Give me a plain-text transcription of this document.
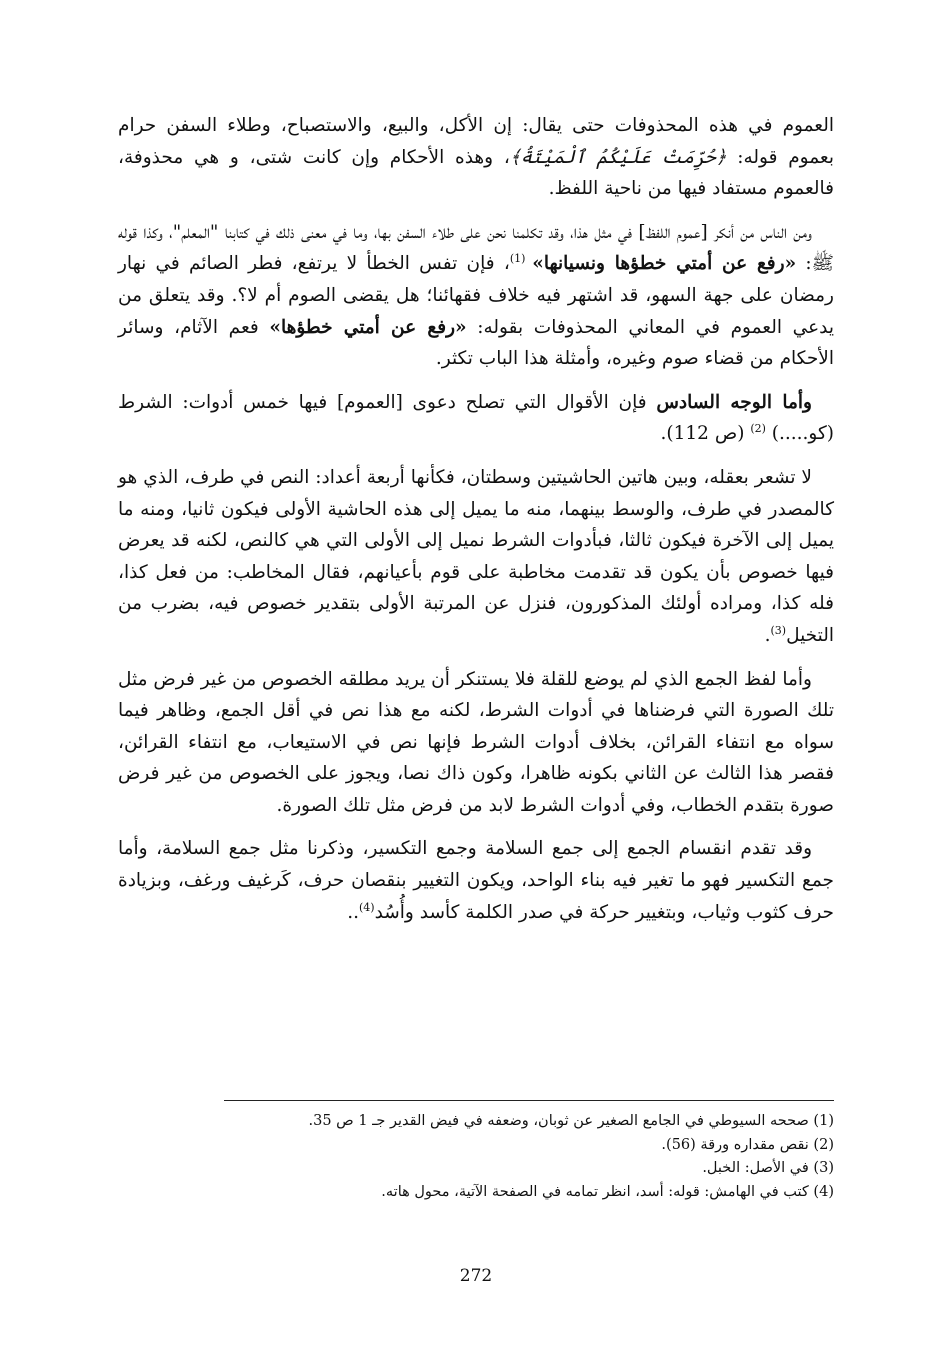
العموم في هذه المحذوفات حتى يقال: إن الأكل، والبيع، والاستصباح، وطلاء السفن حرام بعموم قوله: ﴿حُرِّمَتْ عَلَيْكُمُ ٱلْمَيْتَةُ﴾، وهذه الأحكام وإن كانت شتى، و هي محذوفة، فالعموم مستفاد فيها من ناحية اللفظ.

ومن الناس من أنكر [عموم اللفظ] في مثل هذا، وقد تكلمنا نحن على طلاء السفن بها، وما في معنى ذلك في كتابنا "المعلم"، وكذا قوله ﷺ: «رفع عن أمتي خطؤها ونسيانها» $^{(1)}$، فإن تفس الخطأ لا يرتفع، فطر الصائم في نهار رمضان على جهة السهو، قد اشتهر فيه خلاف فقهائنا؛ هل يقضى الصوم أم لا؟. وقد يتعلق من يدعي العموم في المعاني المحذوفات بقوله: «رفع عن أمتي خطؤها» فعم الآثام، وسائر الأحكام من قضاء صوم وغيره، وأمثلة هذا الباب تكثر.

وأما الوجه السادس فإن الأقوال التي تصلح دعوى [العموم] فيها خمس أدوات: الشرط (كو.....) $^{(2)}$ (ص 112).

لا تشعر بعقله، وبين هاتين الحاشيتين وسطتان، فكأنها أربعة أعداد: النص في طرف، الذي هو كالمصدر في طرف، والوسط بينهما، منه ما يميل إلى هذه الحاشية الأولى فيكون ثانيا، ومنه ما يميل إلى الآخرة فيكون ثالثا، فبأدوات الشرط نميل إلى الأولى التي هي كالنص، لكنه قد يعرض فيها خصوص بأن يكون قد تقدمت مخاطبة على قوم بأعيانهم، فقال المخاطب: من فعل كذا، فله كذا، ومراده أولئك المذكورون، فنزل عن المرتبة الأولى بتقدير خصوص فيه، بضرب من التخيل$^{(3)}$.

وأما لفظ الجمع الذي لم يوضع للقلة فلا يستنكر أن يريد مطلقه الخصوص من غير فرض مثل تلك الصورة التي فرضناها في أدوات الشرط، لكنه مع هذا نص في أقل الجمع، وظاهر فيما سواه مع انتفاء القرائن، بخلاف أدوات الشرط فإنها نص في الاستيعاب، مع انتفاء القرائن، فقصر هذا الثالث عن الثاني بكونه ظاهرا، وكون ذاك نصا، ويجوز على الخصوص من غير فرض صورة بتقدم الخطاب، وفي أدوات الشرط لابد من فرض مثل تلك الصورة.

وقد تقدم انقسام الجمع إلى جمع السلامة وجمع التكسير، وذكرنا مثل جمع السلامة، وأما جمع التكسير فهو ما تغير فيه بناء الواحد، ويكون التغيير بنقصان حرف، كَرغيف ورغف، وبزيادة حرف كثوب وثياب، وبتغيير حركة في صدر الكلمة كأسد وأُسُد$^{(4)}$..

(1) صححه السيوطي في الجامع الصغير عن ثوبان، وضعفه في فيض القدير جـ 1 ص 35.

(2) نقص مقداره ورقة (56).

(3) في الأصل: الخبل.

(4) كتب في الهامش: قوله: أسد، انظر تمامه في الصفحة الآتية، محول هاته.

272
